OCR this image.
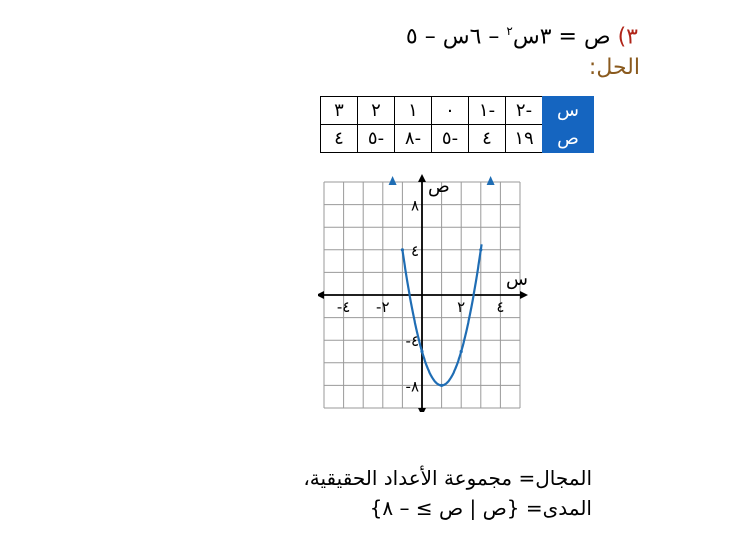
٣) ص = ٣س$^٢$ – ٦س – ٥
الحل:
س	-٢	-١	٠	١	٢	٣
ص	١٩	٤	-٥	-٨	-٥	٤
س
ص
-٤ -٢	٢ ٤
٨
٤
-٤
-٨
المجال= مجموعة الأعداد الحقيقية،
المدى= {ص | ص ≥ – ٨}
